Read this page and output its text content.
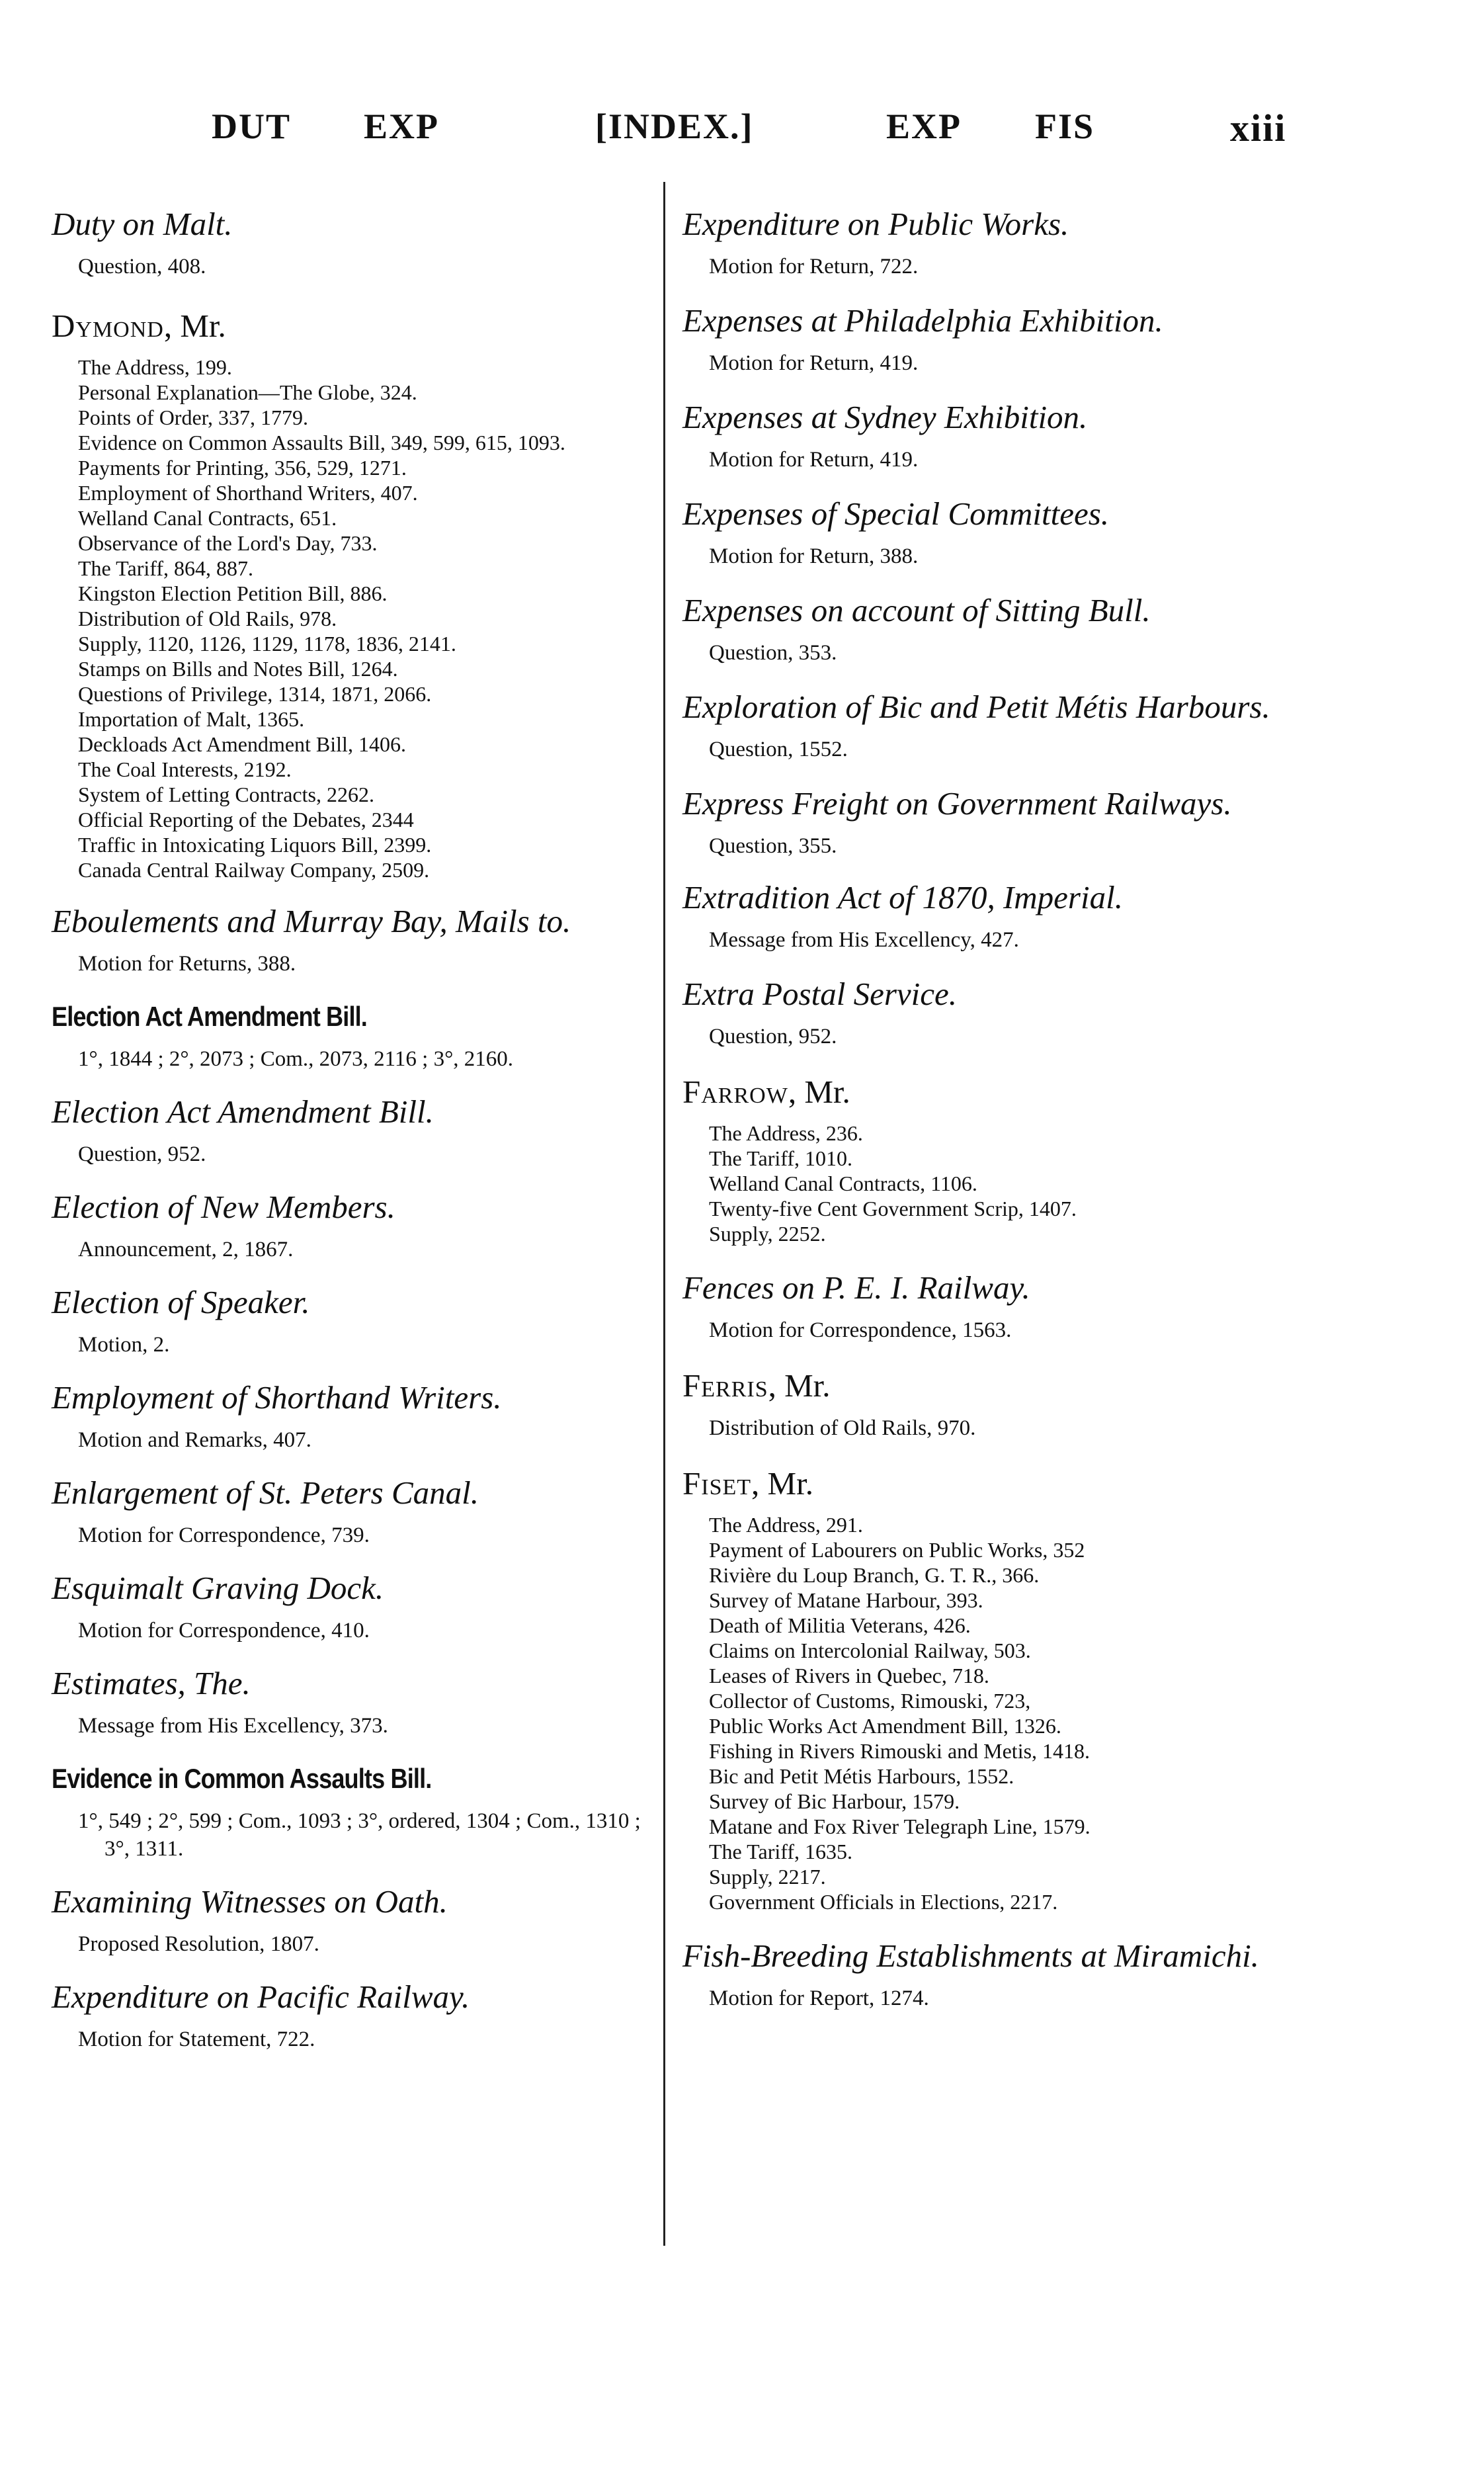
DUT EXP	[INDEX.]	EXP FIS	xiii
Duty on Malt.
Question, 408.
Dymond, Mr.
The Address, 199.
Personal Explanation—The Globe, 324.
Points of Order, 337, 1779.
Evidence on Common Assaults Bill, 349, 599, 615, 1093.
Payments for Printing, 356, 529, 1271.
Employment of Shorthand Writers, 407.
Welland Canal Contracts, 651.
Observance of the Lord's Day, 733.
The Tariff, 864, 887.
Kingston Election Petition Bill, 886.
Distribution of Old Rails, 978.
Supply, 1120, 1126, 1129, 1178, 1836, 2141.
Stamps on Bills and Notes Bill, 1264.
Questions of Privilege, 1314, 1871, 2066.
Importation of Malt, 1365.
Deckloads Act Amendment Bill, 1406.
The Coal Interests, 2192.
System of Letting Contracts, 2262.
Official Reporting of the Debates, 2344
Traffic in Intoxicating Liquors Bill, 2399.
Canada Central Railway Company, 2509.
Eboulements and Murray Bay, Mails to.
Motion for Returns, 388.
Election Act Amendment Bill.
1°, 1844 ; 2°, 2073 ; Com., 2073, 2116 ; 3°, 2160.
Election Act Amendment Bill.
Question, 952.
Election of New Members.
Announcement, 2, 1867.
Election of Speaker.
Motion, 2.
Employment of Shorthand Writers.
Motion and Remarks, 407.
Enlargement of St. Peters Canal.
Motion for Correspondence, 739.
Esquimalt Graving Dock.
Motion for Correspondence, 410.
Estimates, The.
Message from His Excellency, 373.
Evidence in Common Assaults Bill.
1°, 549 ; 2°, 599 ; Com., 1093 ; 3°, ordered, 1304 ; Com., 1310 ; 3°, 1311.
Examining Witnesses on Oath.
Proposed Resolution, 1807.
Expenditure on Pacific Railway.
Motion for Statement, 722.
Expenditure on Public Works.
Motion for Return, 722.
Expenses at Philadelphia Exhibition.
Motion for Return, 419.
Expenses at Sydney Exhibition.
Motion for Return, 419.
Expenses of Special Committees.
Motion for Return, 388.
Expenses on account of Sitting Bull.
Question, 353.
Exploration of Bic and Petit Métis Harbours.
Question, 1552.
Express Freight on Government Railways.
Question, 355.
Extradition Act of 1870, Imperial.
Message from His Excellency, 427.
Extra Postal Service.
Question, 952.
Farrow, Mr.
The Address, 236.
The Tariff, 1010.
Welland Canal Contracts, 1106.
Twenty-five Cent Government Scrip, 1407.
Supply, 2252.
Fences on P. E. I. Railway.
Motion for Correspondence, 1563.
Ferris, Mr.
Distribution of Old Rails, 970.
Fiset, Mr.
The Address, 291.
Payment of Labourers on Public Works, 352
Rivière du Loup Branch, G. T. R., 366.
Survey of Matane Harbour, 393.
Death of Militia Veterans, 426.
Claims on Intercolonial Railway, 503.
Leases of Rivers in Quebec, 718.
Collector of Customs, Rimouski, 723,
Public Works Act Amendment Bill, 1326.
Fishing in Rivers Rimouski and Metis, 1418.
Bic and Petit Métis Harbours, 1552.
Survey of Bic Harbour, 1579.
Matane and Fox River Telegraph Line, 1579.
The Tariff, 1635.
Supply, 2217.
Government Officials in Elections, 2217.
Fish-Breeding Establishments at Miramichi.
Motion for Report, 1274.
